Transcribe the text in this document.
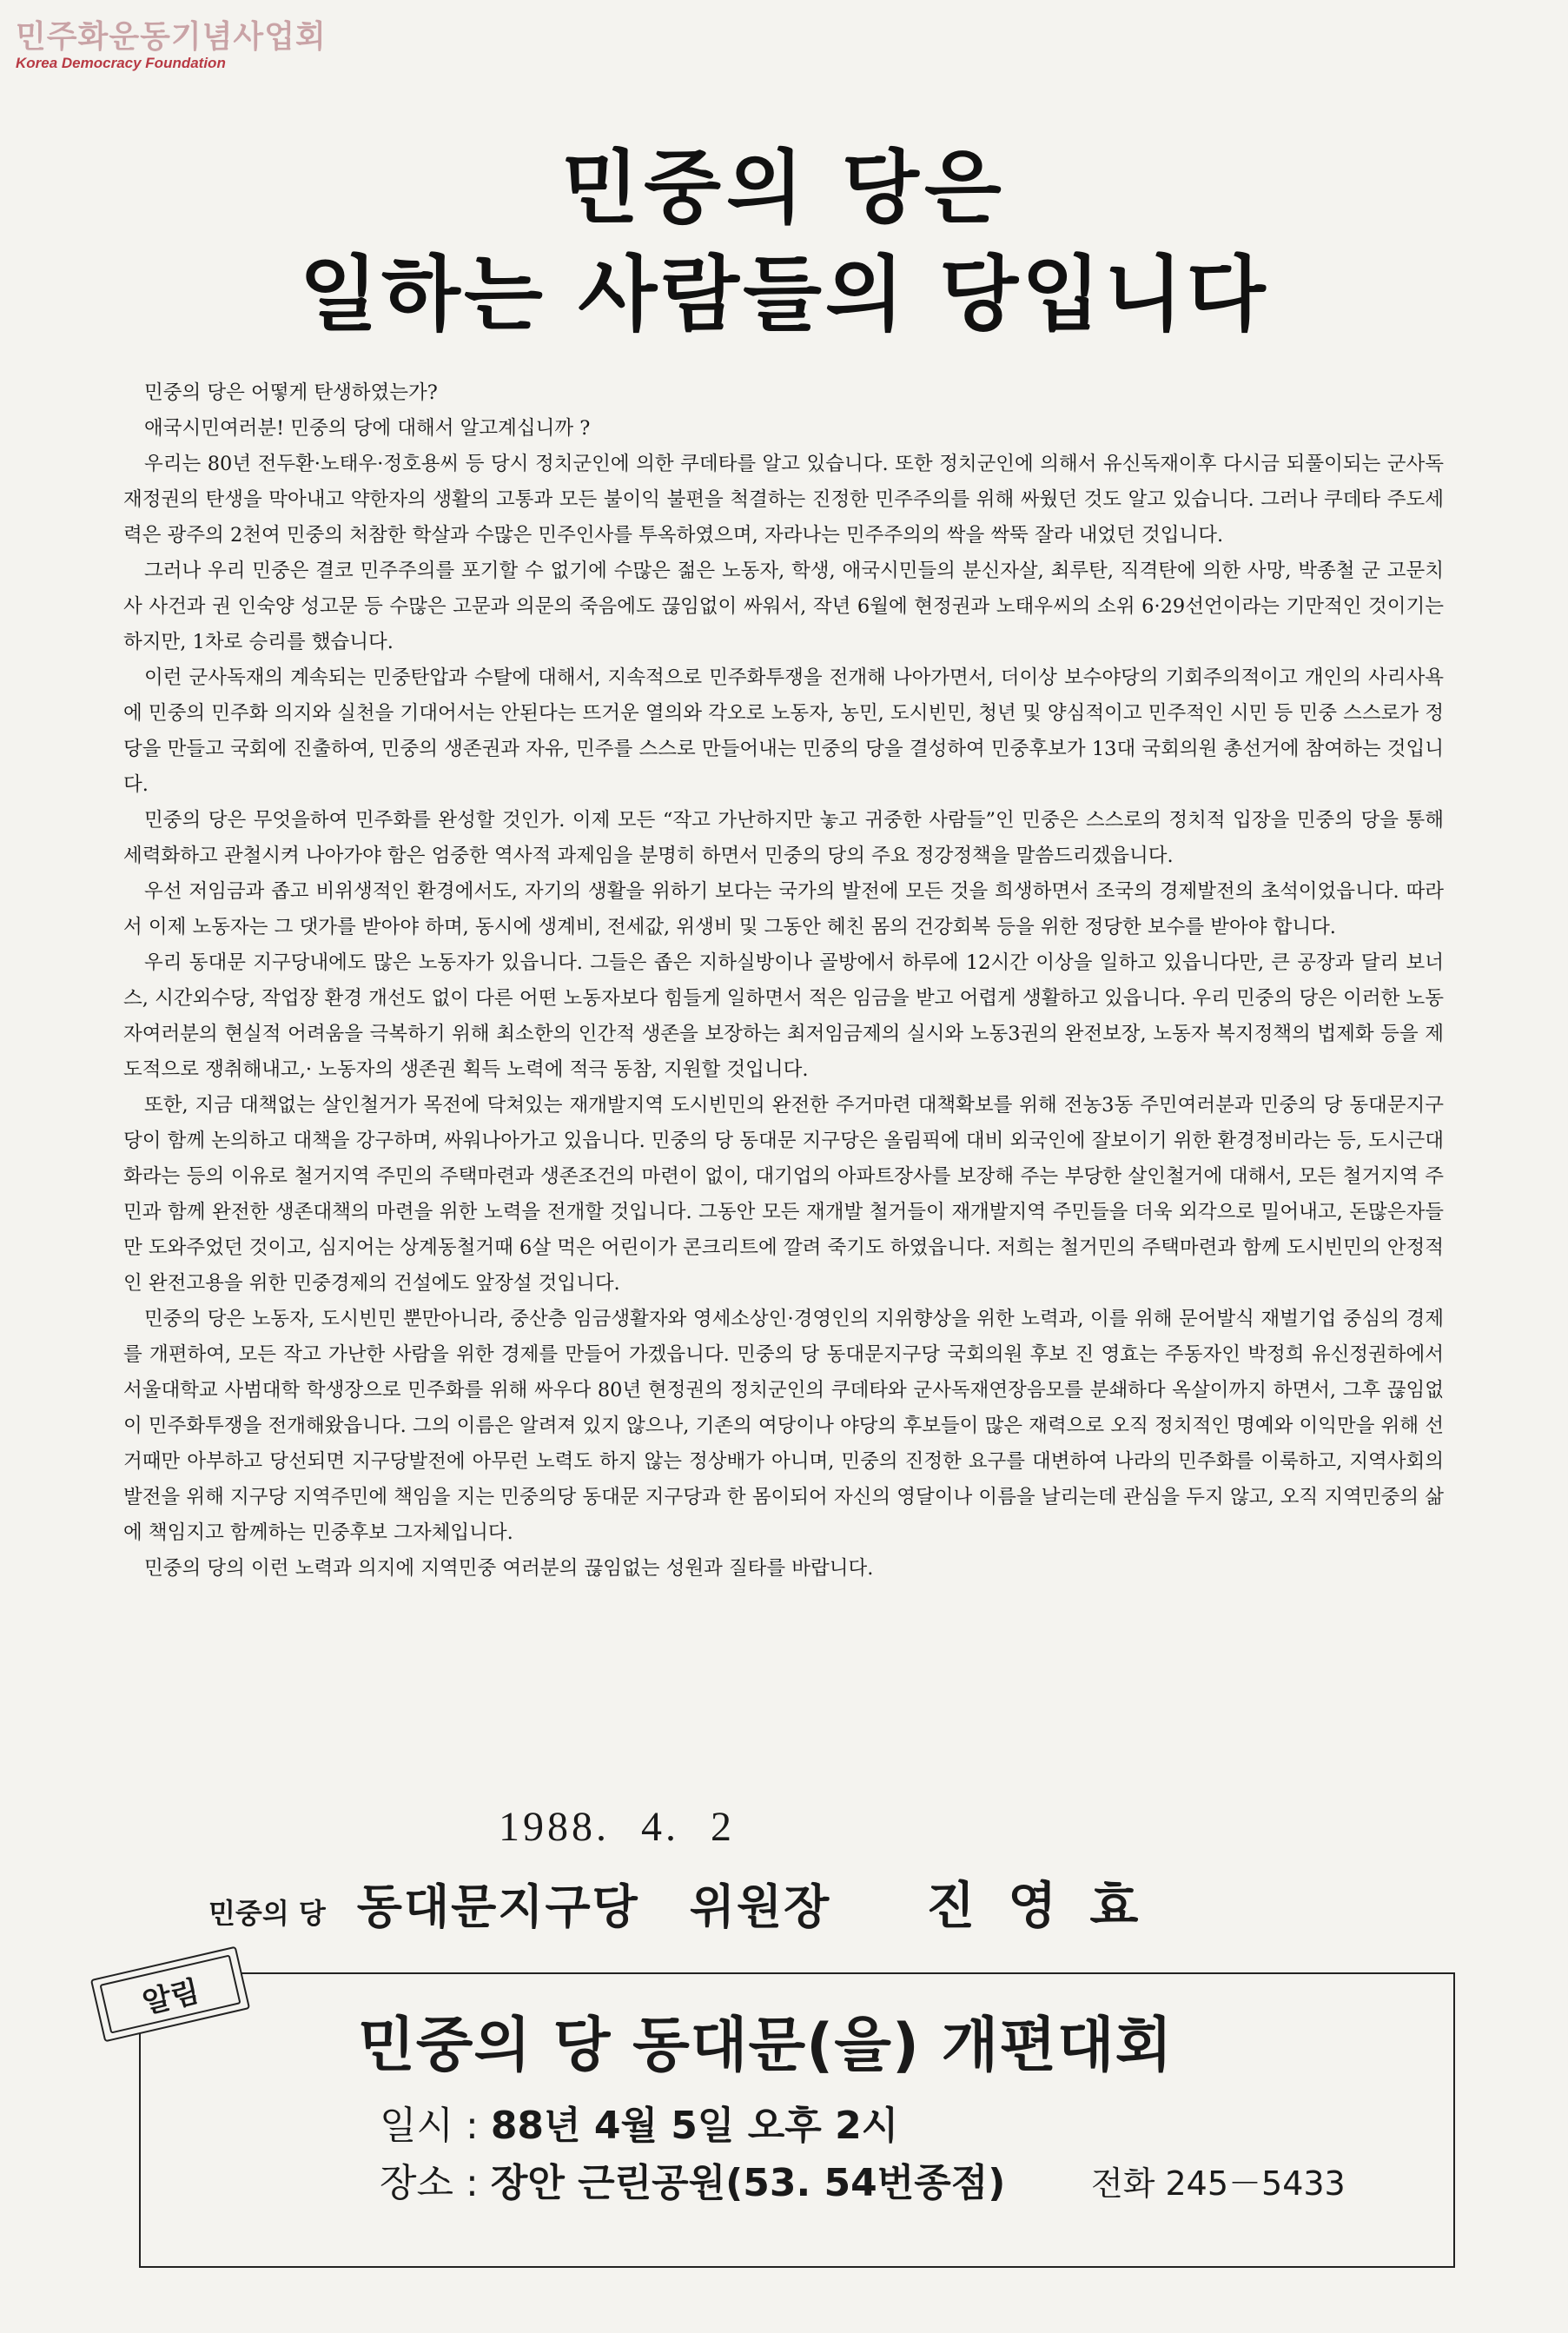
민주화운동기념사업회
Korea Democracy Foundation
민중의 당은
일하는 사람들의 당입니다

민중의 당은 어떻게 탄생하였는가?

애국시민여러분! 민중의 당에 대해서 알고계십니까 ?

우리는 80년 전두환·노태우·정호용씨 등 당시 정치군인에 의한 쿠데타를 알고 있습니다. 또한 정치군인에 의해서 유신독재이후 다시금 되풀이되는 군사독재정권의 탄생을 막아내고 약한자의 생활의 고통과 모든 불이익 불편을 척결하는 진정한 민주주의를 위해 싸웠던 것도 알고 있습니다. 그러나 쿠데타 주도세력은 광주의 2천여 민중의 처참한 학살과 수많은 민주인사를 투옥하였으며, 자라나는 민주주의의 싹을 싹뚝 잘라 내었던 것입니다.

그러나 우리 민중은 결코 민주주의를 포기할 수 없기에 수많은 젊은 노동자, 학생, 애국시민들의 분신자살, 최루탄, 직격탄에 의한 사망, 박종철 군 고문치사 사건과 권 인숙양 성고문 등 수많은 고문과 의문의 죽음에도 끊임없이 싸워서, 작년 6월에 현정권과 노태우씨의 소위 6·29선언이라는 기만적인 것이기는 하지만, 1차로 승리를 했습니다.

이런 군사독재의 계속되는 민중탄압과 수탈에 대해서, 지속적으로 민주화투쟁을 전개해 나아가면서, 더이상 보수야당의 기회주의적이고 개인의 사리사욕에 민중의 민주화 의지와 실천을 기대어서는 안된다는 뜨거운 열의와 각오로 노동자, 농민, 도시빈민, 청년 및 양심적이고 민주적인 시민 등 민중 스스로가 정당을 만들고 국회에 진출하여, 민중의 생존권과 자유, 민주를 스스로 만들어내는 민중의 당을 결성하여 민중후보가 13대 국회의원 총선거에 참여하는 것입니다.

민중의 당은 무엇을하여 민주화를 완성할 것인가. 이제 모든 “작고 가난하지만 놓고 귀중한 사람들”인 민중은 스스로의 정치적 입장을 민중의 당을 통해 세력화하고 관철시켜 나아가야 함은 엄중한 역사적 과제임을 분명히 하면서 민중의 당의 주요 정강정책을 말씀드리겠읍니다.

우선 저임금과 좁고 비위생적인 환경에서도, 자기의 생활을 위하기 보다는 국가의 발전에 모든 것을 희생하면서 조국의 경제발전의 초석이었읍니다. 따라서 이제 노동자는 그 댓가를 받아야 하며, 동시에 생계비, 전세값, 위생비 및 그동안 헤친 몸의 건강회복 등을 위한 정당한 보수를 받아야 합니다.

우리 동대문 지구당내에도 많은 노동자가 있읍니다. 그들은 좁은 지하실방이나 골방에서 하루에 12시간 이상을 일하고 있읍니다만, 큰 공장과 달리 보너스, 시간외수당, 작업장 환경 개선도 없이 다른 어떤 노동자보다 힘들게 일하면서 적은 임금을 받고 어렵게 생활하고 있읍니다. 우리 민중의 당은 이러한 노동자여러분의 현실적 어려움을 극복하기 위해 최소한의 인간적 생존을 보장하는 최저임금제의 실시와 노동3권의 완전보장, 노동자 복지정책의 법제화 등을 제도적으로 쟁취해내고,· 노동자의 생존권 획득 노력에 적극 동참, 지원할 것입니다.

또한, 지금 대책없는 살인철거가 목전에 닥쳐있는 재개발지역 도시빈민의 완전한 주거마련 대책확보를 위해 전농3동 주민여러분과 민중의 당 동대문지구당이 함께 논의하고 대책을 강구하며, 싸워나아가고 있읍니다. 민중의 당 동대문 지구당은 올림픽에 대비 외국인에 잘보이기 위한 환경정비라는 등, 도시근대화라는 등의 이유로 철거지역 주민의 주택마련과 생존조건의 마련이 없이, 대기업의 아파트장사를 보장해 주는 부당한 살인철거에 대해서, 모든 철거지역 주민과 함께 완전한 생존대책의 마련을 위한 노력을 전개할 것입니다. 그동안 모든 재개발 철거들이 재개발지역 주민들을 더욱 외각으로 밀어내고, 돈많은자들만 도와주었던 것이고, 심지어는 상계동철거때 6살 먹은 어린이가 콘크리트에 깔려 죽기도 하였읍니다. 저희는 철거민의 주택마련과 함께 도시빈민의 안정적인 완전고용을 위한 민중경제의 건설에도 앞장설 것입니다.

민중의 당은 노동자, 도시빈민 뿐만아니라, 중산층 임금생활자와 영세소상인·경영인의 지위향상을 위한 노력과, 이를 위해 문어발식 재벌기업 중심의 경제를 개편하여, 모든 작고 가난한 사람을 위한 경제를 만들어 가겠읍니다. 민중의 당 동대문지구당 국회의원 후보 진 영효는 주동자인 박정희 유신정권하에서 서울대학교 사범대학 학생장으로 민주화를 위해 싸우다 80년 현정권의 정치군인의 쿠데타와 군사독재연장음모를 분쇄하다 옥살이까지 하면서, 그후 끊임없이 민주화투쟁을 전개해왔읍니다. 그의 이름은 알려져 있지 않으나, 기존의 여당이나 야당의 후보들이 많은 재력으로 오직 정치적인 명예와 이익만을 위해 선거때만 아부하고 당선되면 지구당발전에 아무런 노력도 하지 않는 정상배가 아니며, 민중의 진정한 요구를 대변하여 나라의 민주화를 이룩하고, 지역사회의 발전을 위해 지구당 지역주민에 책임을 지는 민중의당 동대문 지구당과 한 몸이되어 자신의 영달이나 이름을 날리는데 관심을 두지 않고, 오직 지역민중의 삶에 책임지고 함께하는 민중후보 그자체입니다.

민중의 당의 이런 노력과 의지에 지역민중 여러분의 끊임없는 성원과 질타를 바랍니다.

1988. 4. 2
민중의 당 동대문지구당 위원장 진영효
알림
민중의 당 동대문(을) 개편대회
일시 : 88년 4월 5일 오후 2시
장소 : 장안 근린공원(53. 54번종점)	전화 245－5433
